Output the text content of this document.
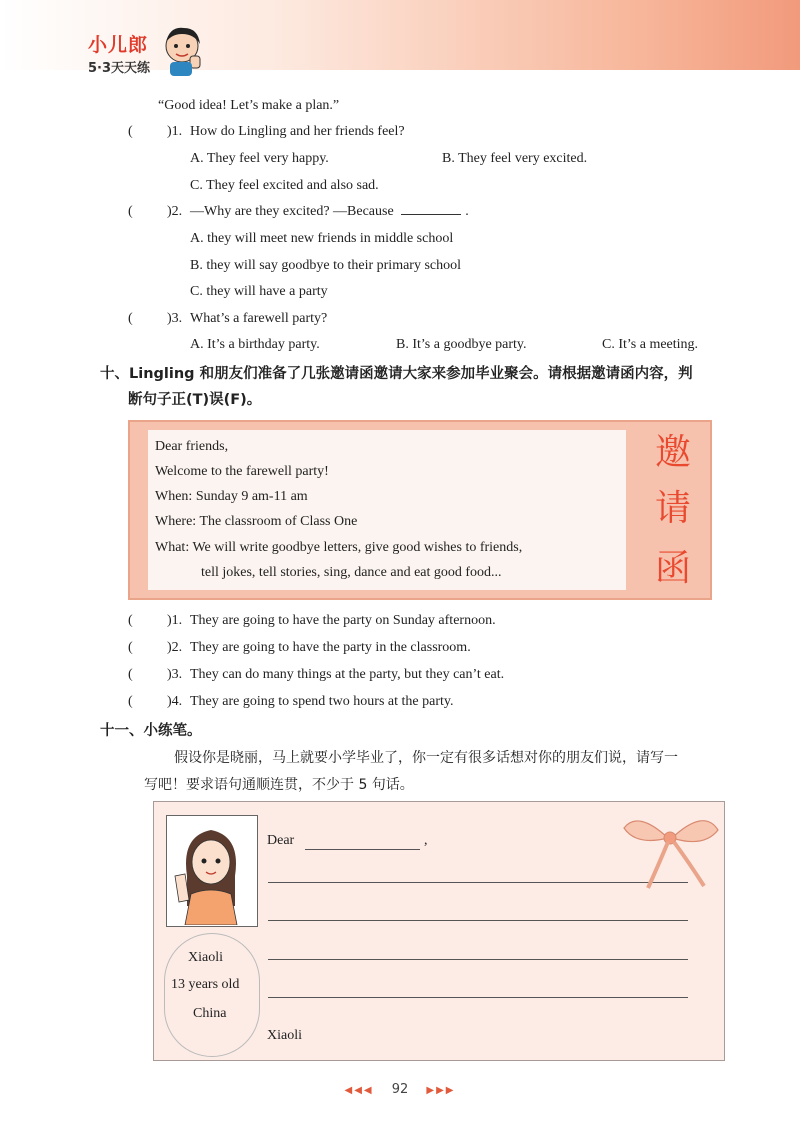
小儿郎
5·3天天练
“Good idea! Let’s make a plan.”
( )1. How do Lingling and her friends feel?
A. They feel very happy.	B. They feel very excited.
C. They feel excited and also sad.
( )2. —Why are they excited? —Because	.
A. they will meet new friends in middle school
B. they will say goodbye to their primary school
C. they will have a party
( )3. What’s a farewell party?
A. It’s a birthday party.	B. It’s a goodbye party.	C. It’s a meeting.
十、Lingling 和朋友们准备了几张邀请函邀请大家来参加毕业聚会。请根据邀请函内容，判
断句子正(T)误(F)。
Dear friends,
Welcome to the farewell party!
When: Sunday 9 am-11 am
Where: The classroom of Class One
What: We will write goodbye letters, give good wishes to friends,
tell jokes, tell stories, sing, dance and eat good food...
邀
请
函
( )1. They are going to have the party on Sunday afternoon.
( )2. They are going to have the party in the classroom.
( )3. They can do many things at the party, but they can’t eat.
( )4. They are going to spend two hours at the party.
十一、小练笔。
假设你是晓丽，马上就要小学毕业了，你一定有很多话想对你的朋友们说，请写一
写吧！要求语句通顺连贯，不少于 5 句话。
Xiaoli
13 years old
China
Dear	,
Xiaoli
◀◀◀ 92 ▶▶▶
